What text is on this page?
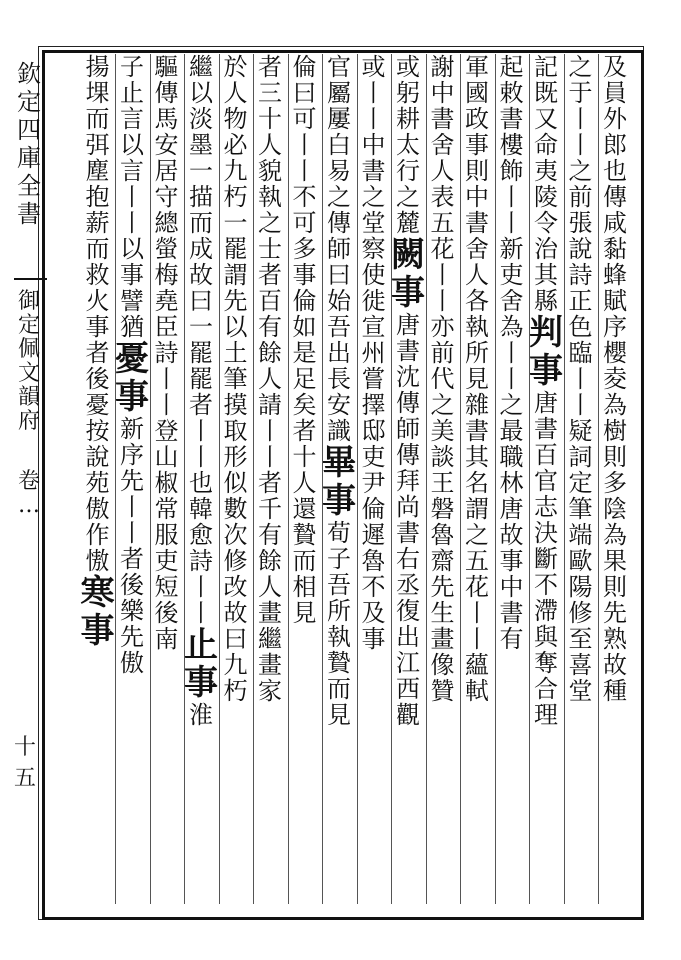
欽
定
四
庫
全
書
御
定
佩
文
韻
府
卷
…
十五
及
員
外
郎
也
傳
咸
黏
蜂
賦
序
櫻
夌
為
樹
則
多
陰
為
果
則
先
熟
故
種
之
于
丨
丨
之
前
張
說
詩
正
色
臨
丨
丨
疑
詞
定
筆
端
歐
陽
修
至
喜
堂
記
既
又
命
夷
陵
令
治
其
縣
判事
唐
書
百
官
志
決
斷
不
滯
與
奪
合
理
起
敕
書
樓
飾
丨
丨
新
吏
舍
為
丨
丨
之
最
職
林
唐
故
事
中
書
有
軍
國
政
事
則
中
書
舍
人
各
執
所
見
雜
書
其
名
謂
之
五
花
丨
丨
蘊
軾
謝
中
書
舍
人
表
五
花
丨
丨
亦
前
代
之
美
談
王
磐
魯
齋
先
生
畫
像
贊
或
躬
耕
太
行
之
麓
闕事
唐
書
沈
傳
師
傳
拜
尚
書
右
丞
復
出
江
西
觀
或
丨
丨
中
書
之
堂
察
使
徙
宣
州
嘗
擇
邸
吏
尹
倫
遲
魯
不
及
事
官
屬
屢
白
易
之
傳
師
曰
始
吾
出
長
安
識
畢事
荀
子
吾
所
執
贄
而
見
倫
曰
可
丨
丨
不
可
多
事
倫
如
是
足
矣
者
十
人
還
贄
而
相
見
者
三
十
人
貌
執
之
士
者
百
有
餘
人
請
丨
丨
者
千
有
餘
人
畫
繼
畫
家
於
人
物
必
九
朽
一
罷
謂
先
以
土
筆
摸
取
形
似
數
次
修
改
故
曰
九
朽
繼
以
淡
墨
一
描
而
成
故
曰
一
罷
罷
者
丨
丨
也
韓
愈
詩
丨
丨
止事
淮
驅
傳
馬
安
居
守
總
螢
梅
堯
臣
詩
丨
丨
登
山
椒
常
服
吏
短
後
南
子
止
言
以
言
丨
丨
以
事
譬
猶
憂事
新
序
先
丨
丨
者
後
樂
先
傲
揚
堁
而
弭
塵
抱
薪
而
救
火
事
者
後
憂
按
說
苑
傲
作
慠
寒事
